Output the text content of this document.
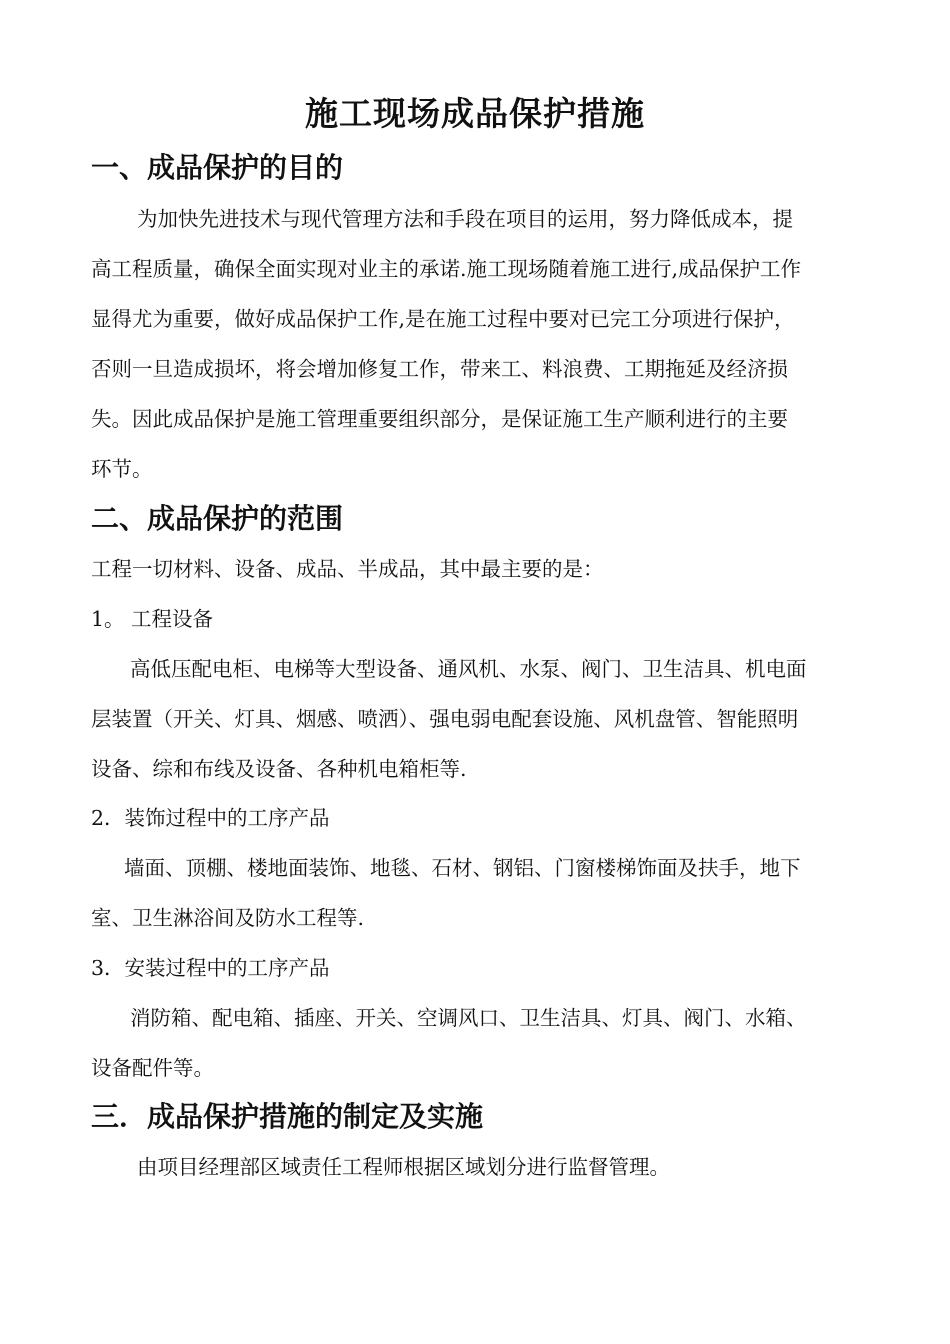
施工现场成品保护措施
一、成品保护的目的
为加快先进技术与现代管理方法和手段在项目的运用，努力降低成本，提
高工程质量，确保全面实现对业主的承诺.施工现场随着施工进行,成品保护工作
显得尤为重要，做好成品保护工作,是在施工过程中要对已完工分项进行保护，
否则一旦造成损坏，将会增加修复工作，带来工、料浪费、工期拖延及经济损
失。因此成品保护是施工管理重要组织部分，是保证施工生产顺利进行的主要
环节。
二、成品保护的范围
工程一切材料、设备、成品、半成品，其中最主要的是：
1。 工程设备
高低压配电柜、电梯等大型设备、通风机、水泵、阀门、卫生洁具、机电面
层装置（开关、灯具、烟感、喷洒）、强电弱电配套设施、风机盘管、智能照明
设备、综和布线及设备、各种机电箱柜等.
2．装饰过程中的工序产品
墙面、顶棚、楼地面装饰、地毯、石材、钢铝、门窗楼梯饰面及扶手，地下
室、卫生淋浴间及防水工程等.
3．安装过程中的工序产品
消防箱、配电箱、插座、开关、空调风口、卫生洁具、灯具、阀门、水箱、
设备配件等。
三．成品保护措施的制定及实施
由项目经理部区域责任工程师根据区域划分进行监督管理。
